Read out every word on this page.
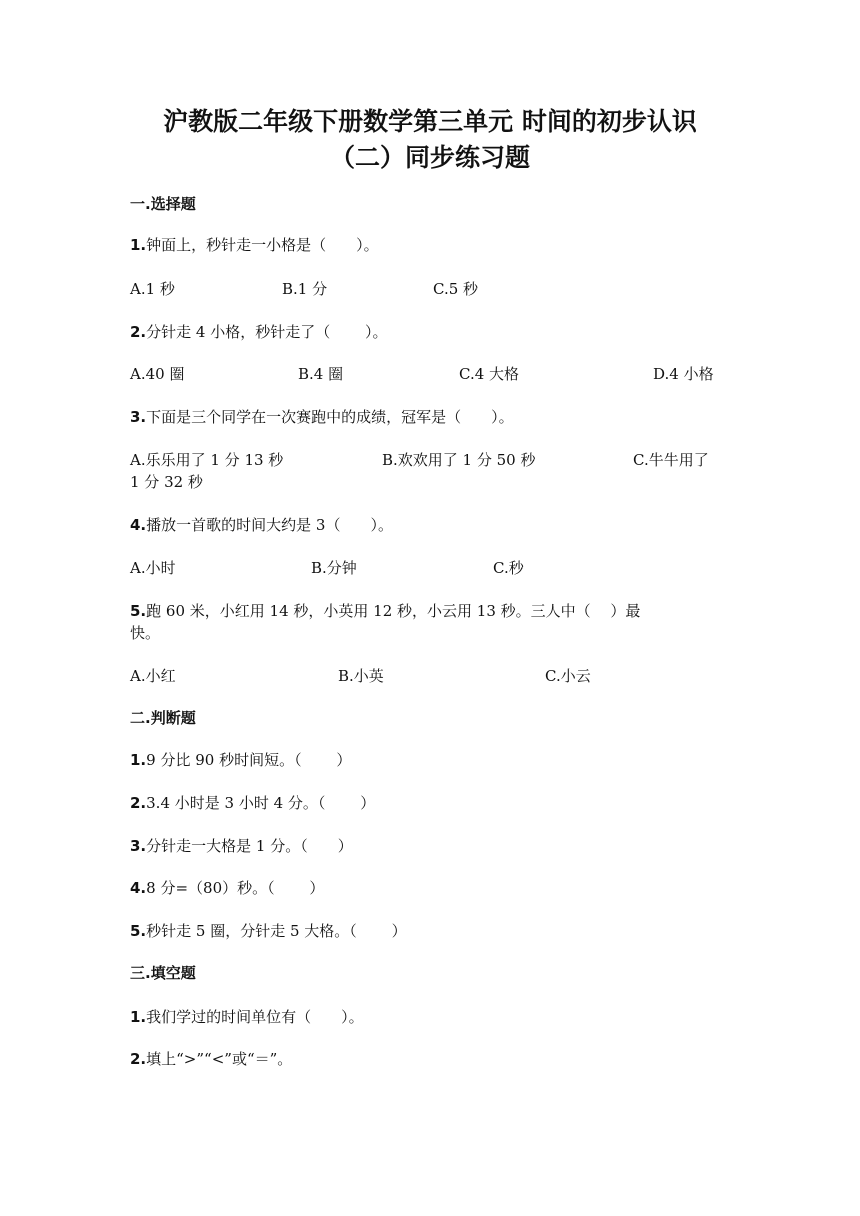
沪教版二年级下册数学第三单元 时间的初步认识
（二）同步练习题
一.选择题
1.钟面上，秒针走一小格是（　　）。
A.1 秒	B.1 分	C.5 秒
2.分针走 4 小格，秒针走了（　　 ）。
A.40 圈	B.4 圈	C.4 大格	D.4 小格
3.下面是三个同学在一次赛跑中的成绩，冠军是（　　）。
A.乐乐用了 1 分 13 秒	B.欢欢用了 1 分 50 秒	C.牛牛用了
1 分 32 秒
4.播放一首歌的时间大约是 3（　　）。
A.小时	B.分钟	C.秒
5.跑 60 米，小红用 14 秒，小英用 12 秒，小云用 13 秒。三人中（　 ）最
快。
A.小红	B.小英	C.小云
二.判断题
1.9 分比 90 秒时间短。（　　 ）
2.3.4 小时是 3 小时 4 分。（　　 ）
3.分针走一大格是 1 分。（　　）
4.8 分=（80）秒。（　　 ）
5.秒针走 5 圈，分针走 5 大格。（　　 ）
三.填空题
1.我们学过的时间单位有（　　）。
2.填上“>”“<”或“＝”。
